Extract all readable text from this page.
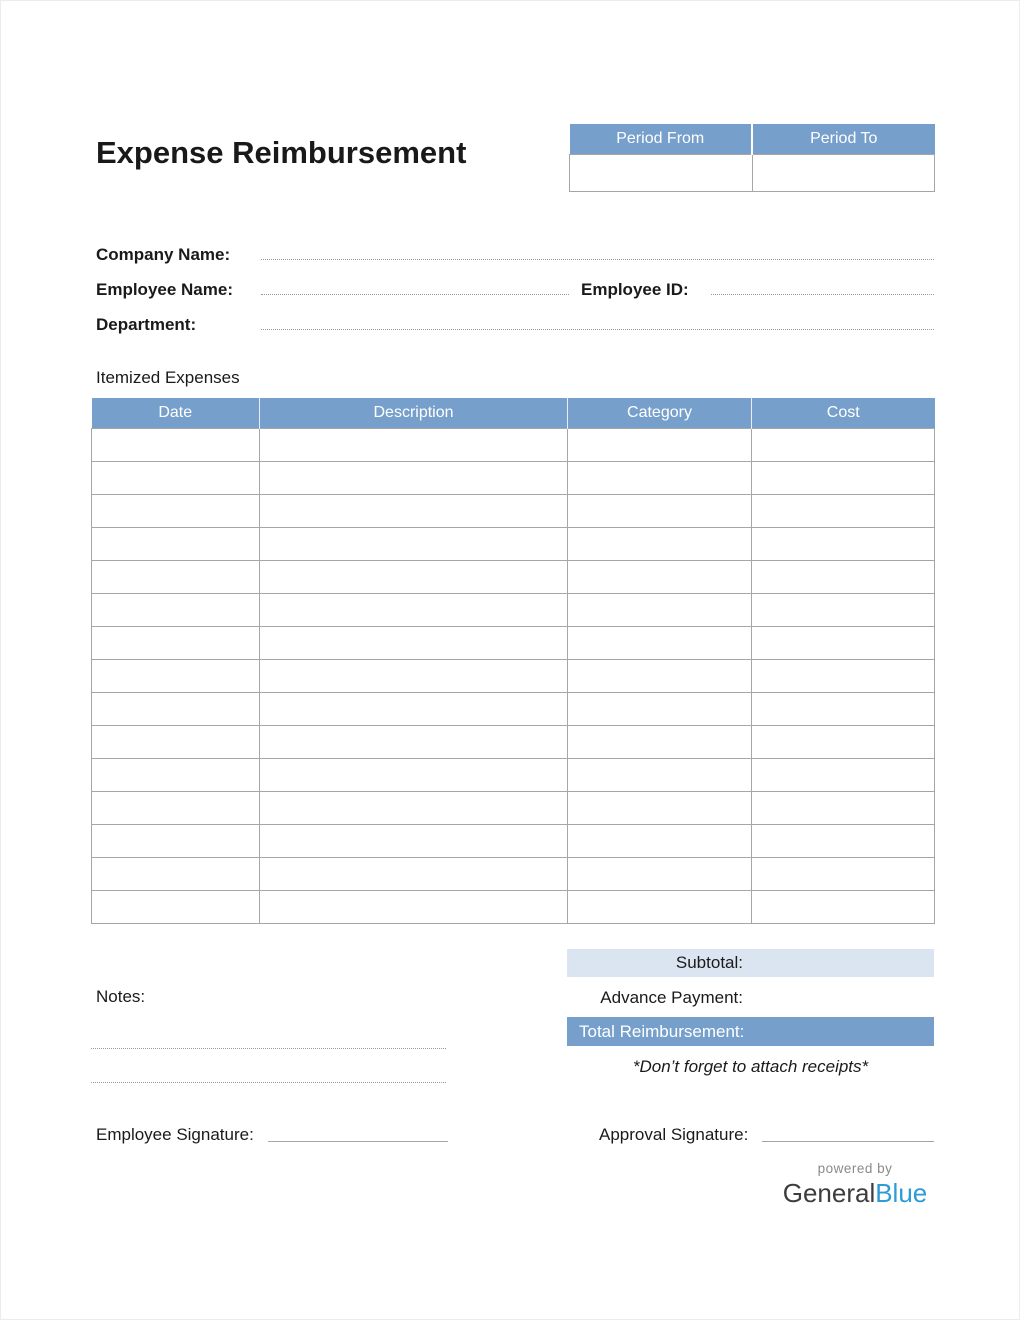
Expense Reimbursement	Period From	Period To

Company Name:
Employee Name:	Employee ID:
Department:
Itemized Expenses
Date	Description	Category	Cost

Subtotal:
Advance Payment:
Total Reimbursement:
*Don’t forget to attach receipts*
Notes:
Employee Signature:	Approval Signature:
powered by
GeneralBlue
